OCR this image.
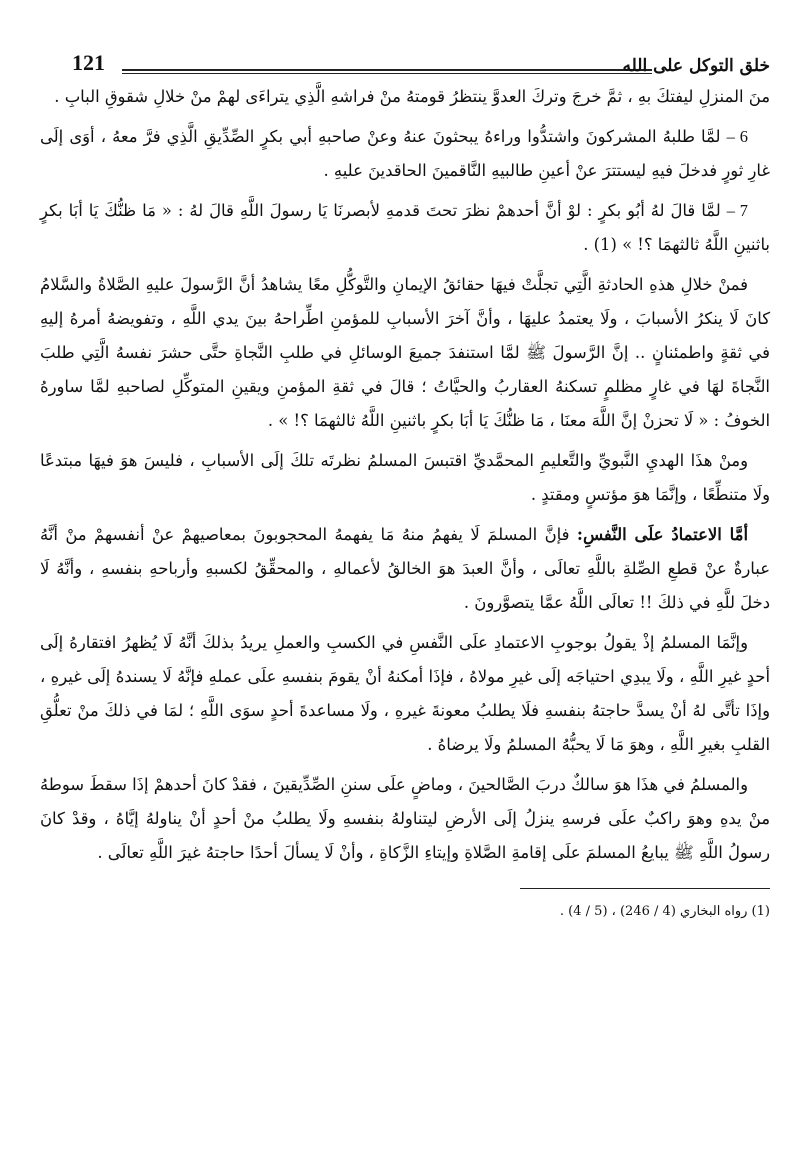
121	خلق التوكل على الله

منَ المنزلِ ليفتكَ بهِ ، ثمَّ خرجَ وتركَ العدوَّ ينتظرُ قومتهُ منْ فراشهِ الَّذِي يتراءَى لهمْ منْ خلالِ شقوقِ البابِ .

6 – لمَّا طلبهُ المشركونَ واشتدُّوا وراءهُ يبحثونَ عنهُ وعنْ صاحبهِ أبي بكرٍ الصِّدِّيقِ الَّذِي فرَّ معهُ ، أوَى إلَى غارِ ثورٍ فدخلَ فيهِ ليستترَ عنْ أعينِ طالبيهِ النَّاقمينَ الحاقدينَ عليهِ .

7 – لمَّا قالَ لهُ أبُو بكرٍ : لوْ أنَّ أحدهمْ نظرَ تحتَ قدمهِ لأبصرنَا يَا رسولَ اللَّهِ قالَ لهُ : « مَا ظنُّكَ يَا أبَا بكرٍ باثنينِ اللَّهُ ثالثهمَا ؟! » (1) .

فمنْ خلالِ هذهِ الحادثةِ الَّتِي تجلَّتْ فيهَا حقائقُ الإيمانِ والتَّوكُّلِ معًا يشاهدُ أنَّ الرَّسولَ عليهِ الصَّلاةُ والسَّلامُ كانَ لَا ينكرُ الأسبابَ ، ولَا يعتمدُ عليهَا ، وأنَّ آخرَ الأسبابِ للمؤمنِ اطِّراحهُ بينَ يدي اللَّهِ ، وتفويضهُ أمرهُ إليهِ في ثقةٍ واطمئنانٍ .. إنَّ الرَّسولَ ﷺ لمَّا استنفدَ جميعَ الوسائلِ في طلبِ النَّجاةِ حتَّى حشرَ نفسهُ الَّتِي طلبَ النَّجاةَ لهَا في غارٍ مظلمٍ تسكنهُ العقاربُ والحيَّاتُ ؛ قالَ في ثقةِ المؤمنِ ويقينِ المتوكِّلِ لصاحبهِ لمَّا ساورهُ الخوفُ : « لَا تحزنْ إنَّ اللَّهَ معنَا ، مَا ظنُّكَ يَا أبَا بكرٍ باثنينِ اللَّهُ ثالثهمَا ؟! » .

ومنْ هذَا الهديِ النَّبويِّ والتَّعليمِ المحمَّديِّ اقتبسَ المسلمُ نظرتَه تلكَ إلَى الأسبابِ ، فليسَ هوَ فيهَا مبتدعًا ولَا متنطِّعًا ، وإنَّمَا هوَ مؤتسٍ ومقتدٍ .

أمَّا الاعتمادُ علَى النَّفسِ: فإنَّ المسلمَ لَا يفهمُ منهُ مَا يفهمهُ المحجوبونَ بمعاصيهمْ عنْ أنفسهمْ منْ أنَّهُ عبارةٌ عنْ قطعِ الصِّلةِ باللَّهِ تعالَى ، وأنَّ العبدَ هوَ الخالقُ لأعمالهِ ، والمحقِّقُ لكسبهِ وأرباحهِ بنفسهِ ، وأنَّهُ لَا دخلَ للَّهِ في ذلكَ !! تعالَى اللَّهُ عمَّا يتصوَّرونَ .

وإنَّمَا المسلمُ إذْ يقولُ بوجوبِ الاعتمادِ علَى النَّفسِ في الكسبِ والعملِ يريدُ بذلكَ أنَّهُ لَا يُظهرُ افتقارهُ إلَى أحدٍ غيرِ اللَّهِ ، ولَا يبدِي احتياجَه إلَى غيرِ مولاهُ ، فإذَا أمكنهُ أنْ يقومَ بنفسهِ علَى عملهِ فإنَّهُ لَا يسندهُ إلَى غيرهِ ، وإذَا تأتَّى لهُ أنْ يسدَّ حاجتهُ بنفسهِ فلَا يطلبُ معونةَ غيرهِ ، ولَا مساعدةَ أحدٍ سوَى اللَّهِ ؛ لمَا في ذلكَ منْ تعلُّقِ القلبِ بغيرِ اللَّهِ ، وهوَ مَا لَا يحبُّهُ المسلمُ ولَا يرضاهُ .

والمسلمُ في هذَا هوَ سالكٌ دربَ الصَّالحينَ ، وماضٍ علَى سننِ الصِّدِّيقينَ ، فقدْ كانَ أحدهمْ إذَا سقطَ سوطهُ منْ يدهِ وهوَ راكبٌ علَى فرسهِ ينزلُ إلَى الأرضِ ليتناولهُ بنفسهِ ولَا يطلبُ منْ أحدٍ أنْ يناولهُ إيَّاهُ ، وقدْ كانَ رسولُ اللَّهِ ﷺ يبايعُ المسلمَ علَى إقامةِ الصَّلاةِ وإيتاءِ الزَّكاةِ ، وأنْ لَا يسألَ أحدًا حاجتهُ غيرَ اللَّهِ تعالَى .

(1) رواه البخاري (4 / 246) ، (5 / 4) .
